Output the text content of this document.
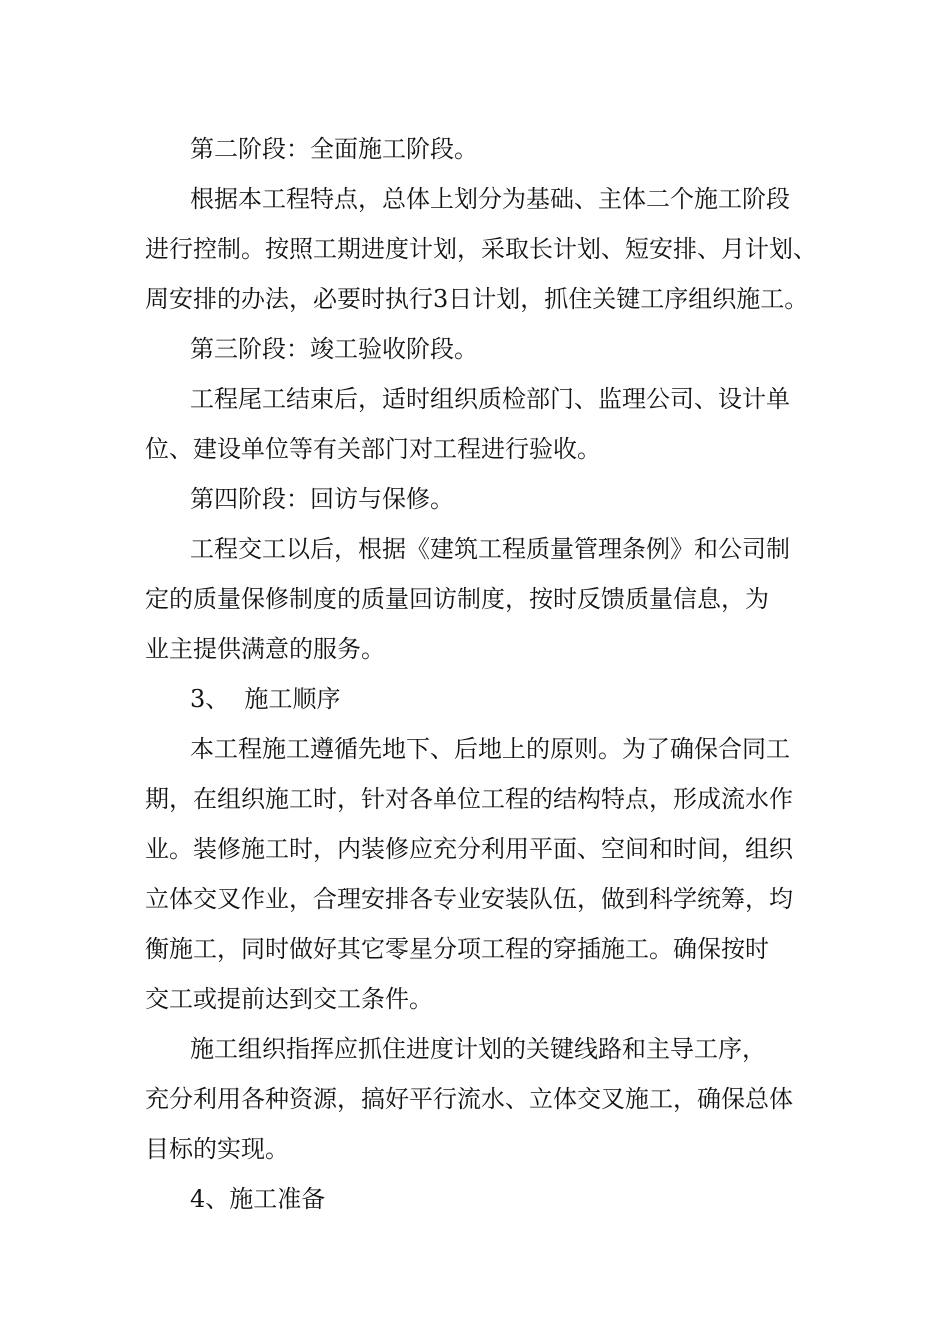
第二阶段：全面施工阶段。
根据本工程特点，总体上划分为基础、主体二个施工阶段
进行控制。按照工期进度计划，采取长计划、短安排、月计划、
周安排的办法，必要时执行3日计划，抓住关键工序组织施工。
第三阶段：竣工验收阶段。
工程尾工结束后，适时组织质检部门、监理公司、设计单
位、建设单位等有关部门对工程进行验收。
第四阶段：回访与保修。
工程交工以后，根据《建筑工程质量管理条例》和公司制
定的质量保修制度的质量回访制度，按时反馈质量信息，为
业主提供满意的服务。
3、  施工顺序
本工程施工遵循先地下、后地上的原则。为了确保合同工
期，在组织施工时，针对各单位工程的结构特点，形成流水作
业。装修施工时，内装修应充分利用平面、空间和时间，组织
立体交叉作业，合理安排各专业安装队伍，做到科学统筹，均
衡施工，同时做好其它零星分项工程的穿插施工。确保按时
交工或提前达到交工条件。
施工组织指挥应抓住进度计划的关键线路和主导工序，
充分利用各种资源，搞好平行流水、立体交叉施工，确保总体
目标的实现。
4、施工准备
